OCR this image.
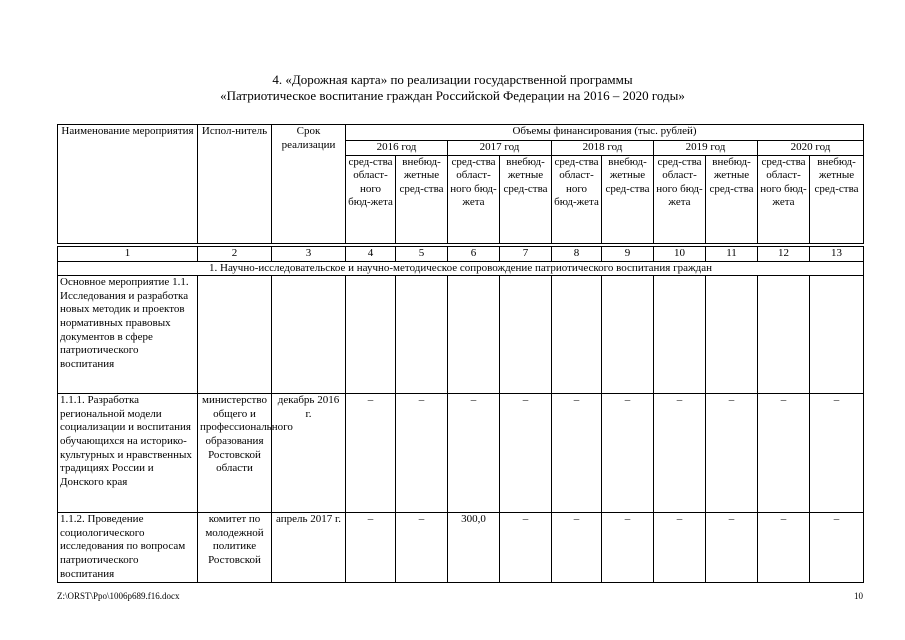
4. «Дорожная карта» по реализации государственной программы
«Патриотическое воспитание граждан Российской Федерации на 2016 – 2020 годы»
Наименование мероприятия	Испол-нитель	Срок реализации	Объемы финансирования (тыс. рублей)									
			2016 год		2017 год		2018 год		2019 год		2020 год	
			сред-ства област-ного бюд-жета	внебюд-жетные сред-ства	сред-ства област-ного бюд-жета	внебюд-жетные сред-ства	сред-ства област-ного бюд-жета	внебюд-жетные сред-ства	сред-ства област-ного бюд-жета	внебюд-жетные сред-ства	сред-ства област-ного бюд-жета	внебюд-жетные сред-ства

1	2	3	4	5	6	7	8	9	10	11	12	13
1. Научно-исследовательское и научно-методическое сопровождение патриотического воспитания граждан												
Основное мероприятие 1.1. Исследования и разработка новых методик и проектов нормативных правовых документов в сфере патриотического воспитания												
1.1.1. Разработка региональной модели социализации и воспитания обучающихся на историко-культурных и нравственных традициях России и Донского края	министерство общего и профессионального образования Ростовской области	декабрь 2016 г.	–	–	–	–	–	–	–	–	–	–
1.1.2. Проведение социологического исследования по вопросам патриотического воспитания	комитет по молодежной политике Ростовской	апрель 2017 г.	–	–	300,0	–	–	–	–	–	–	–
Z:\ORST\Ppo\1006p689.f16.docx	10
